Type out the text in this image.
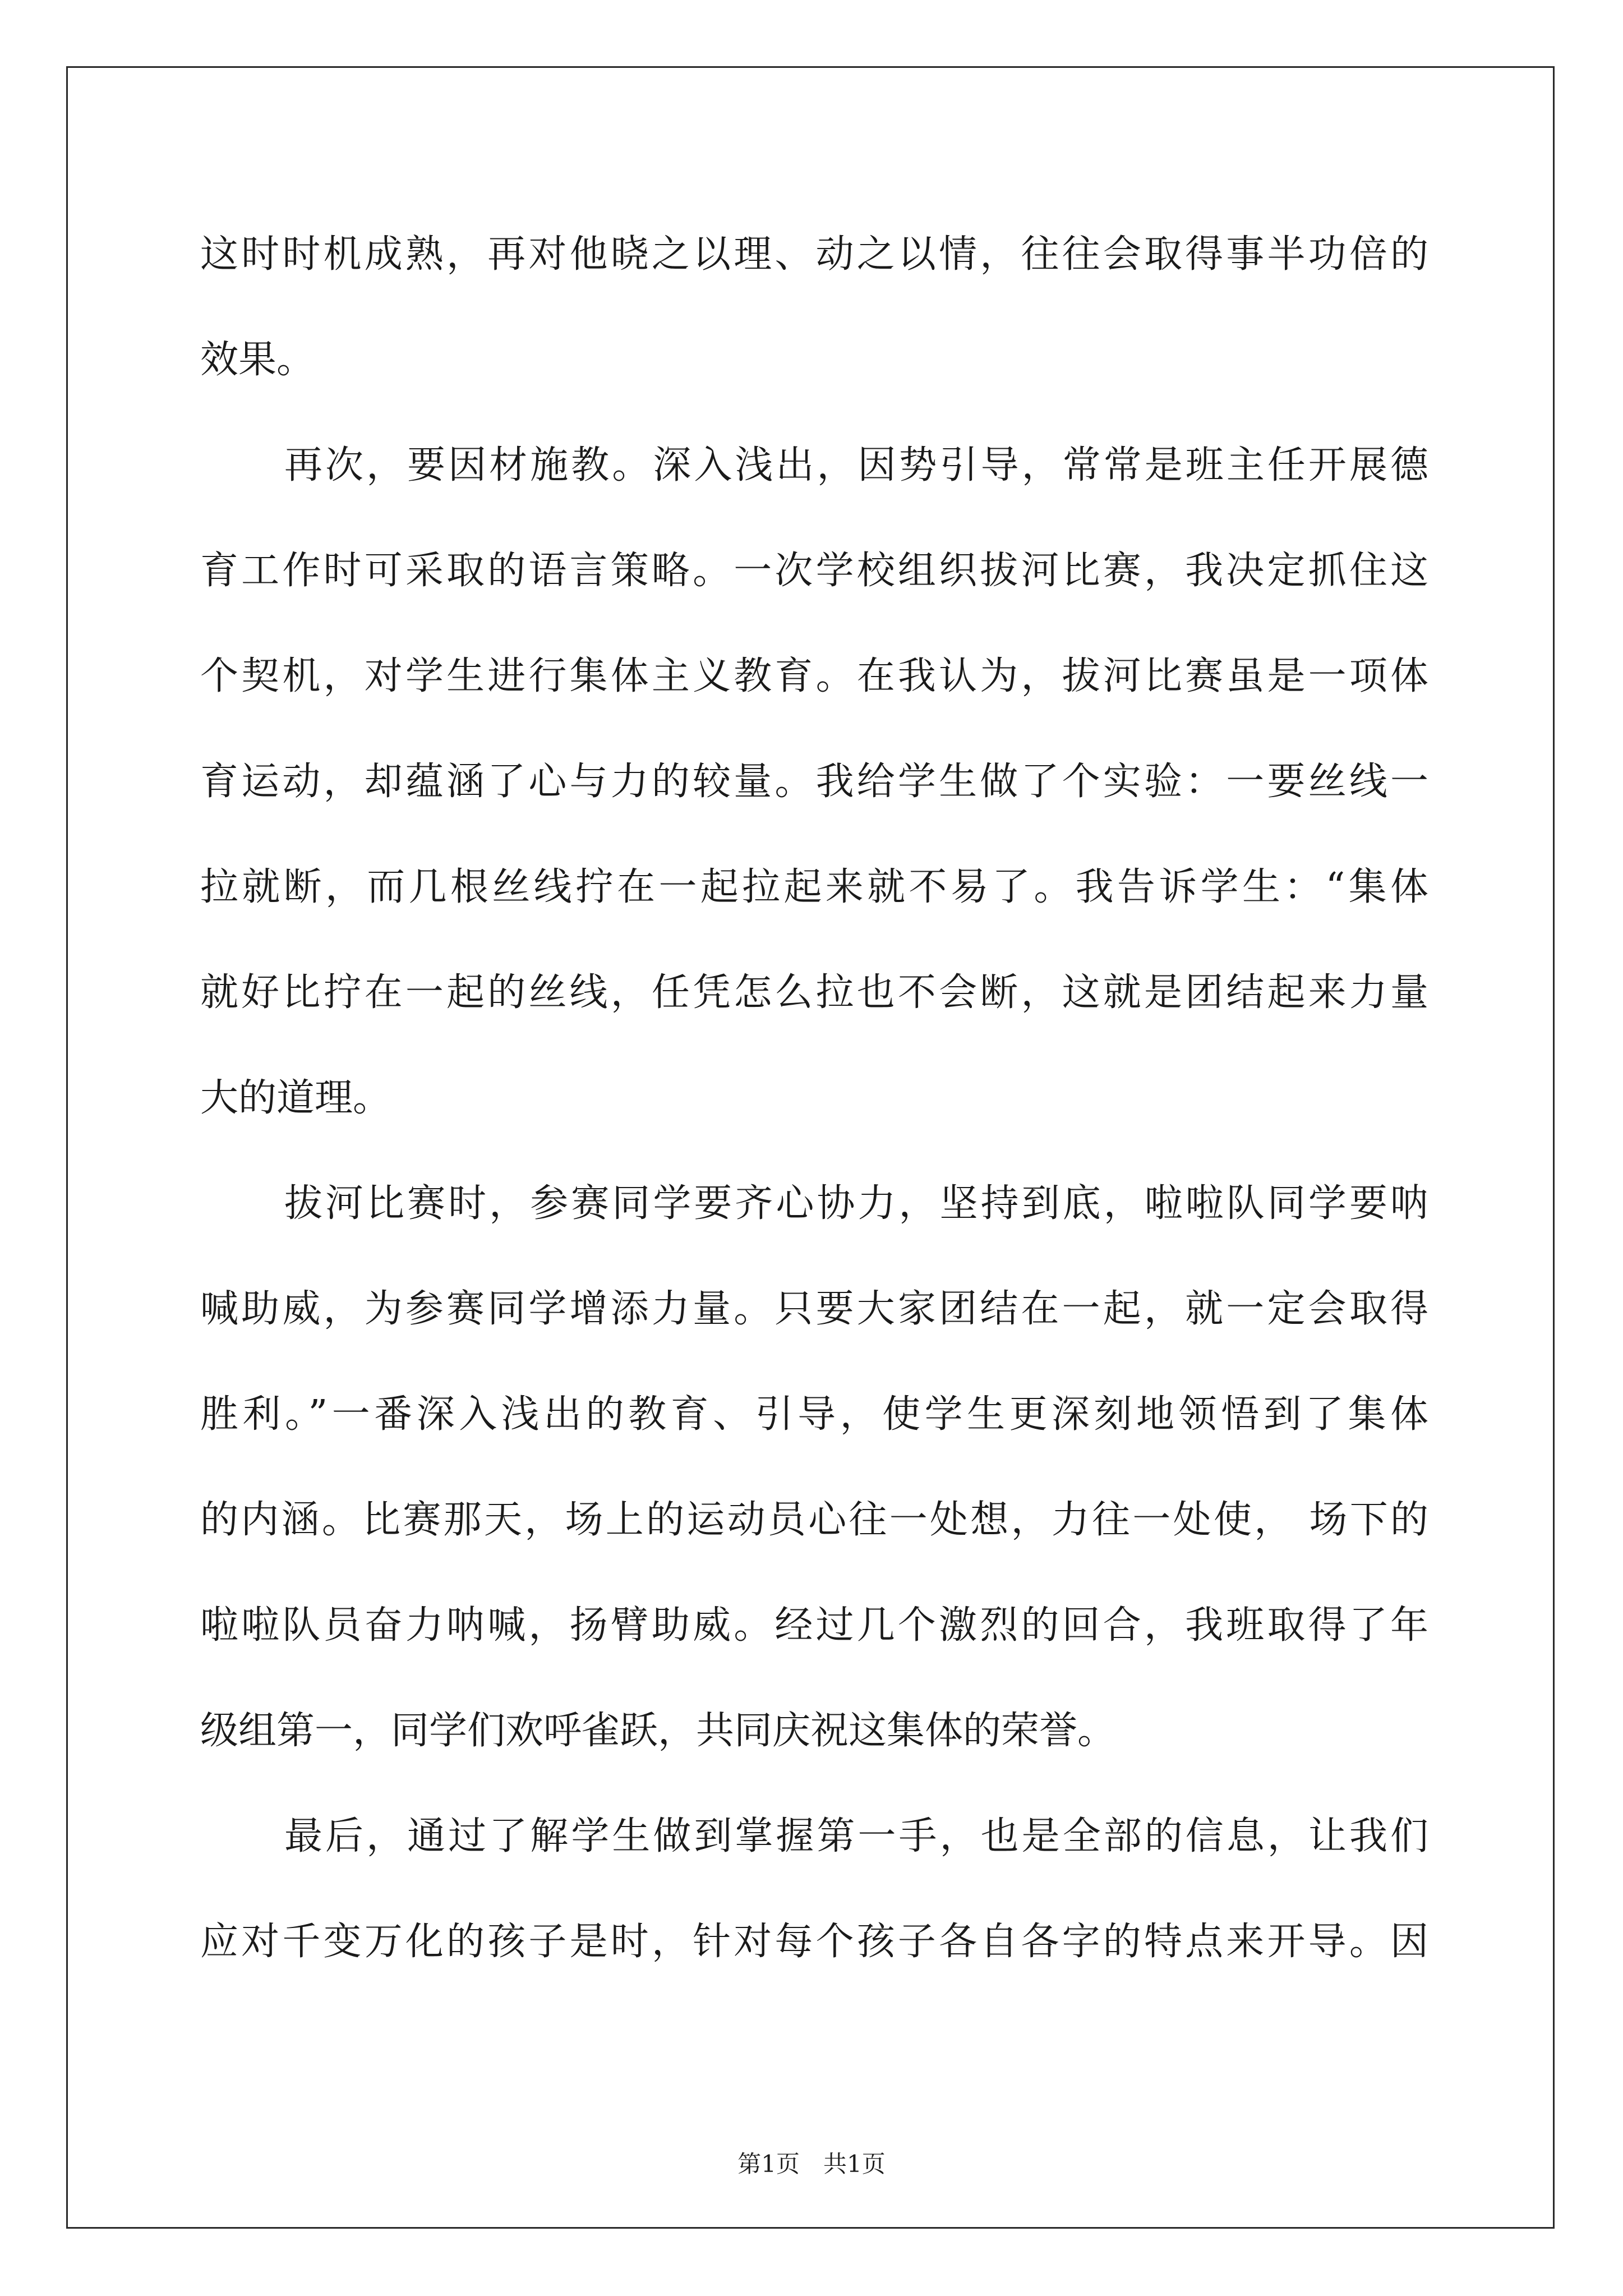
这时时机成熟，再对他晓之以理、动之以情，往往会取得事半功倍的
效果。
再次，要因材施教。深入浅出，因势引导，常常是班主任开展德
育工作时可采取的语言策略。一次学校组织拔河比赛，我决定抓住这
个契机，对学生进行集体主义教育。在我认为，拔河比赛虽是一项体
育运动，却蕴涵了心与力的较量。我给学生做了个实验：一要丝线一
拉就断，而几根丝线拧在一起拉起来就不易了。我告诉学生：“集体
就好比拧在一起的丝线，任凭怎么拉也不会断，这就是团结起来力量
大的道理。
拔河比赛时，参赛同学要齐心协力，坚持到底，啦啦队同学要呐
喊助威，为参赛同学增添力量。只要大家团结在一起，就一定会取得
胜利。”一番深入浅出的教育、引导，使学生更深刻地领悟到了集体
的内涵。比赛那天，场上的运动员心往一处想，力往一处使， 场下的
啦啦队员奋力呐喊，扬臂助威。经过几个激烈的回合，我班取得了年
级组第一，同学们欢呼雀跃，共同庆祝这集体的荣誉。
最后，通过了解学生做到掌握第一手，也是全部的信息，让我们
应对千变万化的孩子是时，针对每个孩子各自各字的特点来开导。因
第1页　共1页
